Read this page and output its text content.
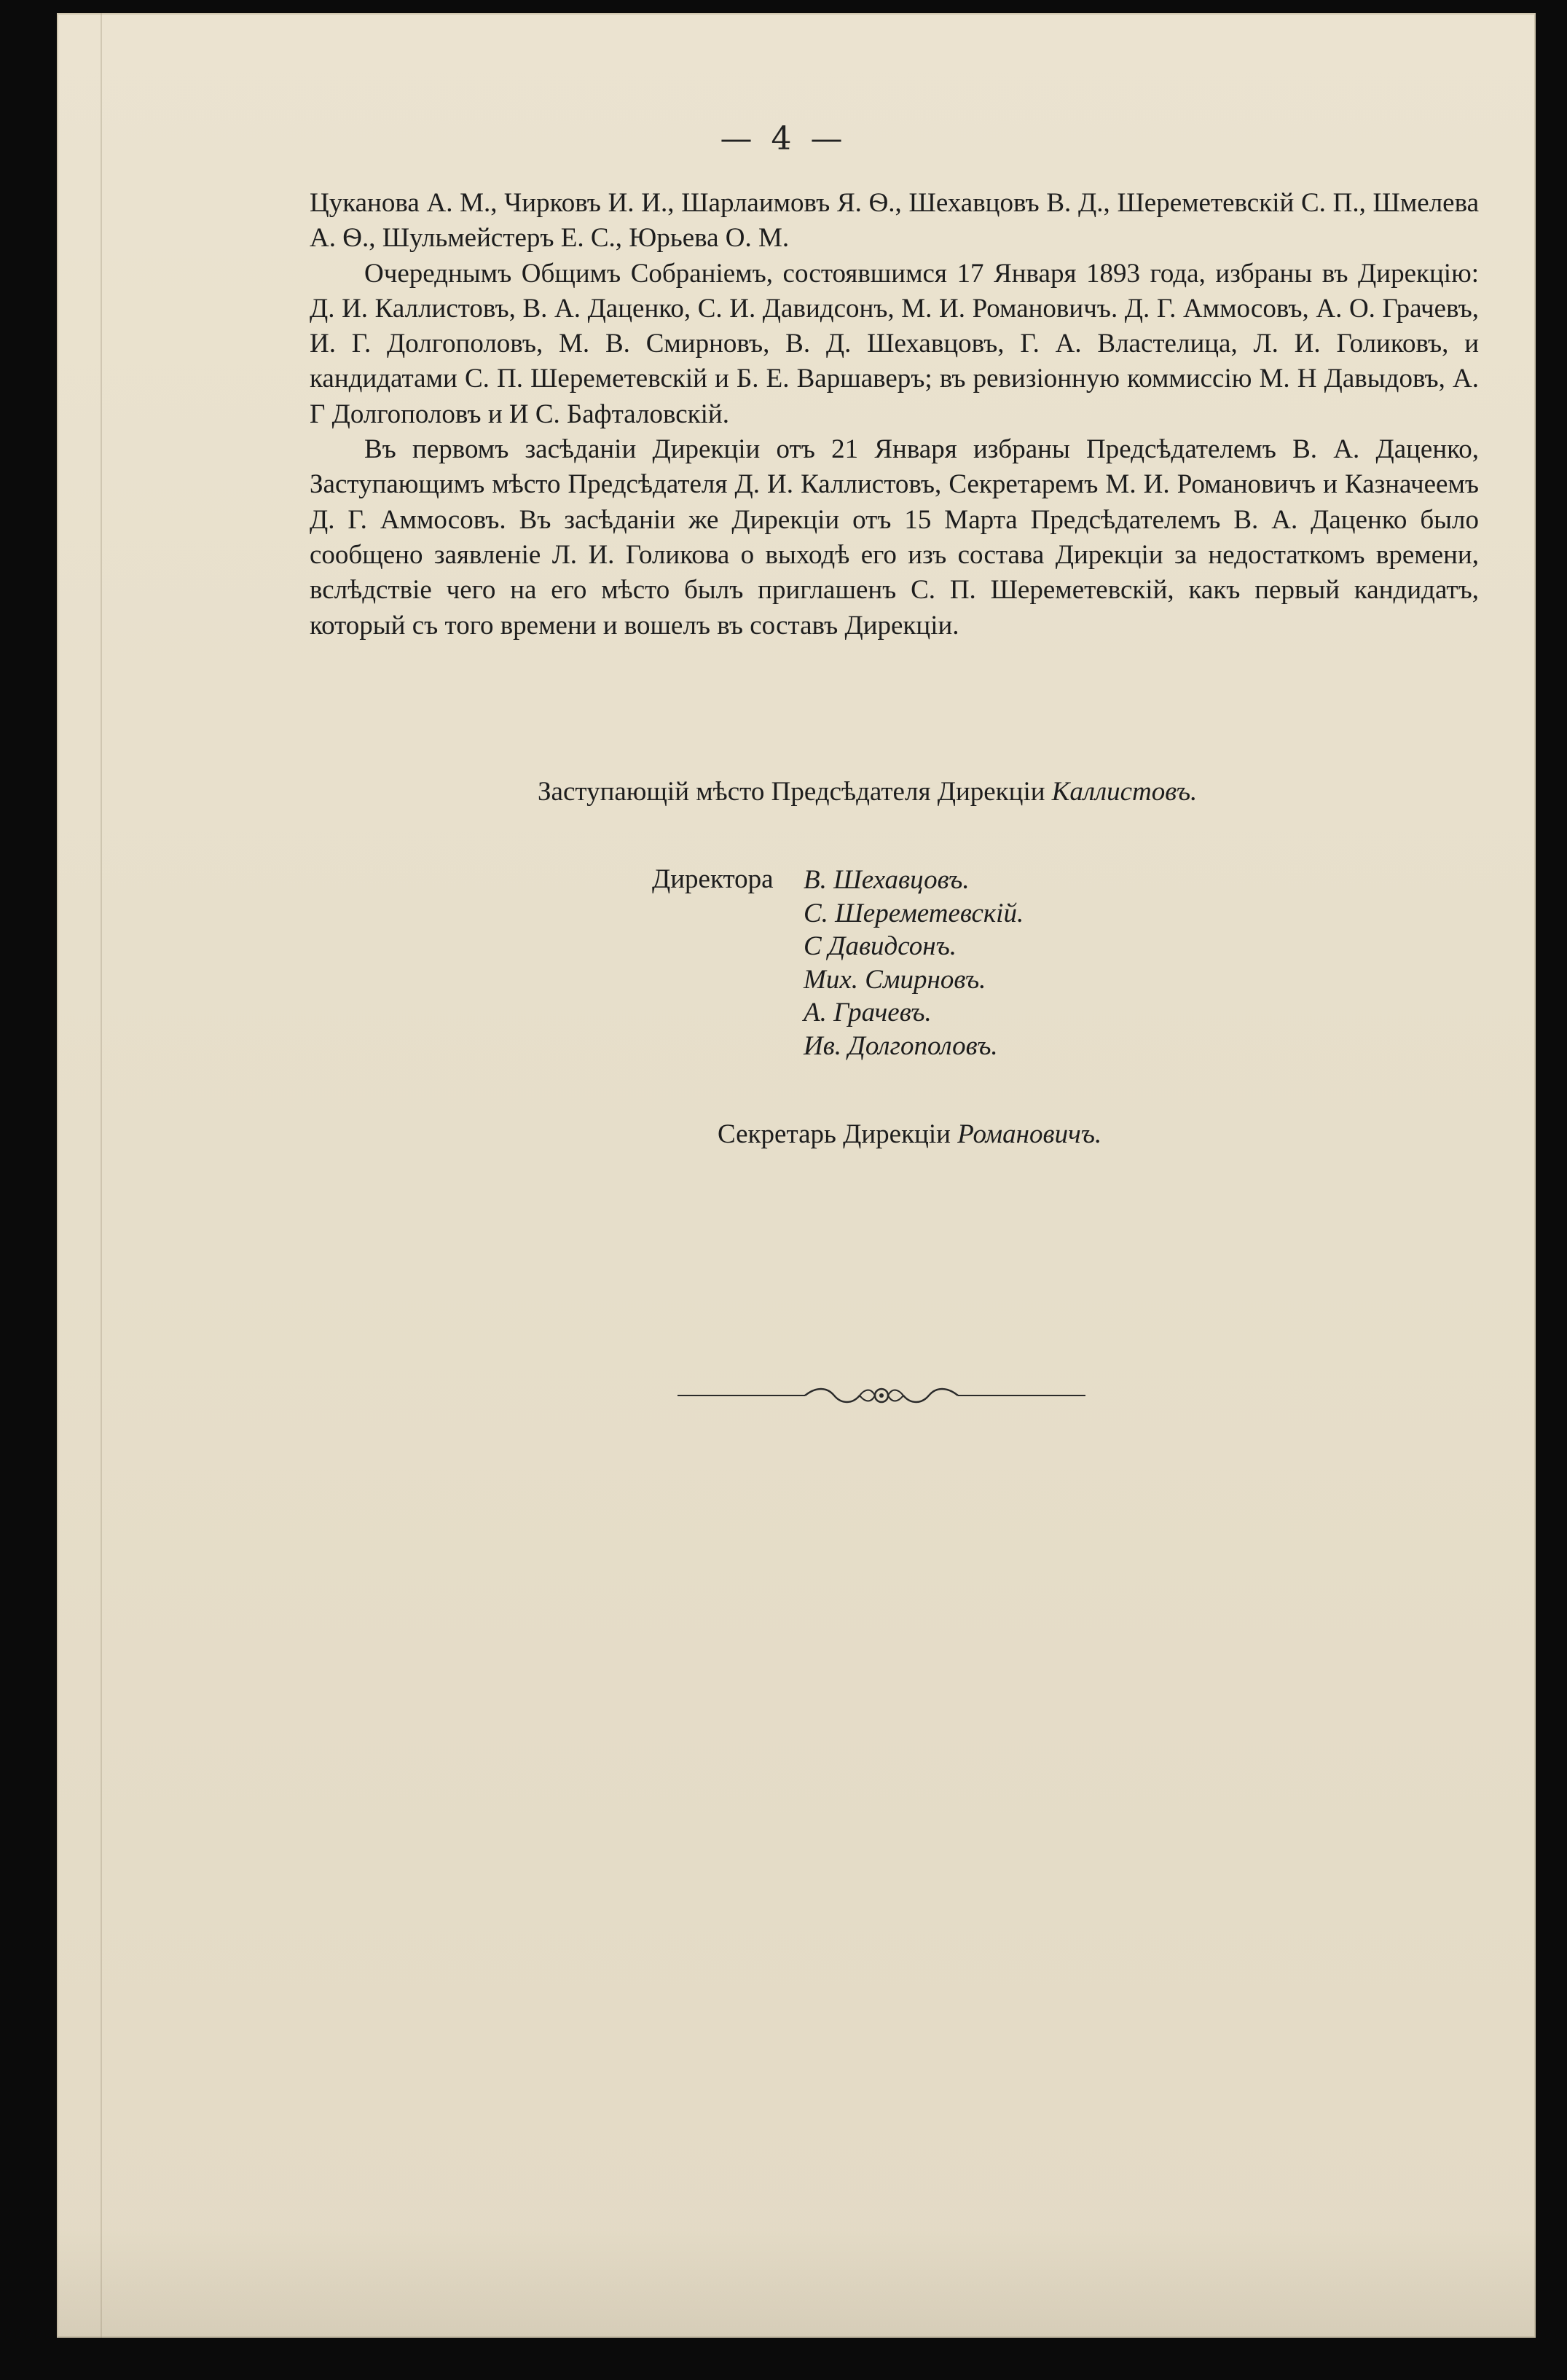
— 4 —

Цуканова А. М., Чирковъ И. И., Шарлаимовъ Я. Ѳ., Шехавцовъ В. Д., Шереметевскiй С. П., Шмелева А. Ѳ., Шульмейстеръ Е. С., Юрьева О. М.

Очереднымъ Общимъ Собранiемъ, состоявшимся 17 Января 1893 года, избраны въ Дирекцiю: Д. И. Каллистовъ, В. А. Даценко, С. И. Давидсонъ, М. И. Романовичъ. Д. Г. Аммосовъ, А. О. Грачевъ, И. Г. Долгополовъ, М. В. Смирновъ, В. Д. Шехавцовъ, Г. А. Властелица, Л. И. Голиковъ, и кандидатами С. П. Шереметевскiй и Б. Е. Варшаверъ; въ ревизiонную коммиссiю М. Н Давыдовъ, А. Г Долгополовъ и И С. Бафталовскiй.

Въ первомъ засѣданiи Дирекцiи отъ 21 Января избраны Предсѣдателемъ В. А. Даценко, Заступающимъ мѣсто Предсѣдателя Д. И. Каллистовъ, Секретаремъ М. И. Романовичъ и Казначеемъ Д. Г. Аммосовъ. Въ засѣданiи же Дирекцiи отъ 15 Марта Предсѣдателемъ В. А. Даценко было сообщено заявленiе Л. И. Голикова о выходѣ его изъ состава Дирекцiи за недостаткомъ времени, вслѣдствiе чего на его мѣсто былъ приглашенъ С. П. Шереметевскiй, какъ первый кандидатъ, который съ того времени и вошелъ въ составъ Дирекцiи.

Заступающiй мѣсто Предсѣдателя Дирекцiи Каллистовъ.
Директора В. Шехавцовъ.
С. Шереметевскiй.
С Давидсонъ.
Мих. Смирновъ.
А. Грачевъ.
Ив. Долгополовъ.
Секретарь Дирекцiи Романовичъ.
